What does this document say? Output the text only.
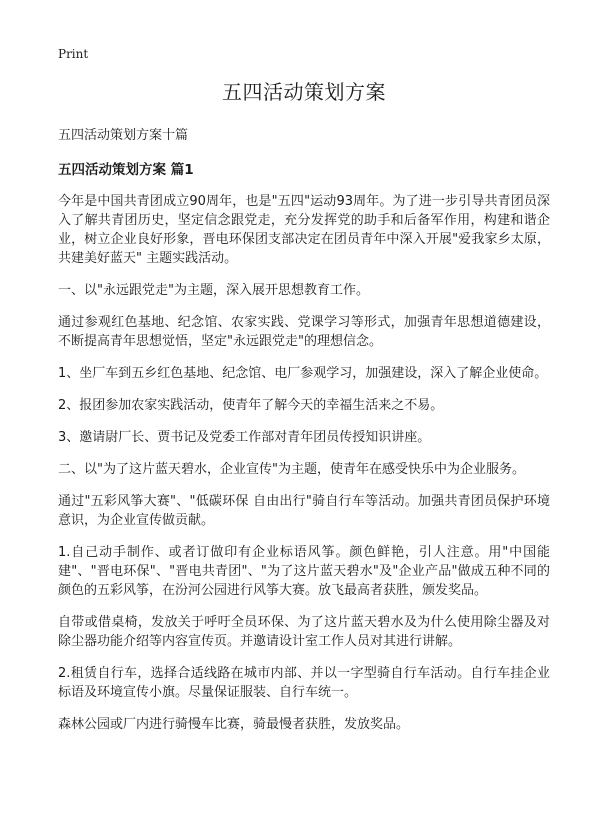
Print
五四活动策划方案
五四活动策划方案十篇
五四活动策划方案 篇1

今年是中国共青团成立90周年，也是"五四"运动93周年。为了进一步引导共青团员深入了解共青团历史，坚定信念跟党走，充分发挥党的助手和后备军作用，构建和谐企业，树立企业良好形象，晋电环保团支部决定在团员青年中深入开展"爱我家乡太原，共建美好蓝天" 主题实践活动。

一、以"永远跟党走"为主题，深入展开思想教育工作。

通过参观红色基地、纪念馆、农家实践、党课学习等形式，加强青年思想道德建设，不断提高青年思想觉悟，坚定"永远跟党走"的理想信念。

1、坐厂车到五乡红色基地、纪念馆、电厂参观学习，加强建设，深入了解企业使命。

2、报团参加农家实践活动，使青年了解今天的幸福生活来之不易。

3、邀请尉厂长、贾书记及党委工作部对青年团员传授知识讲座。

二、以"为了这片蓝天碧水，企业宣传"为主题，使青年在感受快乐中为企业服务。

通过"五彩风筝大赛"、"低碳环保 自由出行"骑自行车等活动。加强共青团员保护环境意识，为企业宣传做贡献。

1.自己动手制作、或者订做印有企业标语风筝。颜色鲜艳，引人注意。用"中国能建"、"晋电环保"、"晋电共青团"、"为了这片蓝天碧水"及"企业产品"做成五种不同的颜色的五彩风筝，在汾河公园进行风筝大赛。放飞最高者获胜，颁发奖品。

自带或借桌椅，发放关于呼吁全员环保、为了这片蓝天碧水及为什么使用除尘器及对除尘器功能介绍等内容宣传页。并邀请设计室工作人员对其进行讲解。

2.租赁自行车，选择合适线路在城市内部、并以一字型骑自行车活动。自行车挂企业标语及环境宣传小旗。尽量保证服装、自行车统一。

森林公园或厂内进行骑慢车比赛，骑最慢者获胜，发放奖品。
